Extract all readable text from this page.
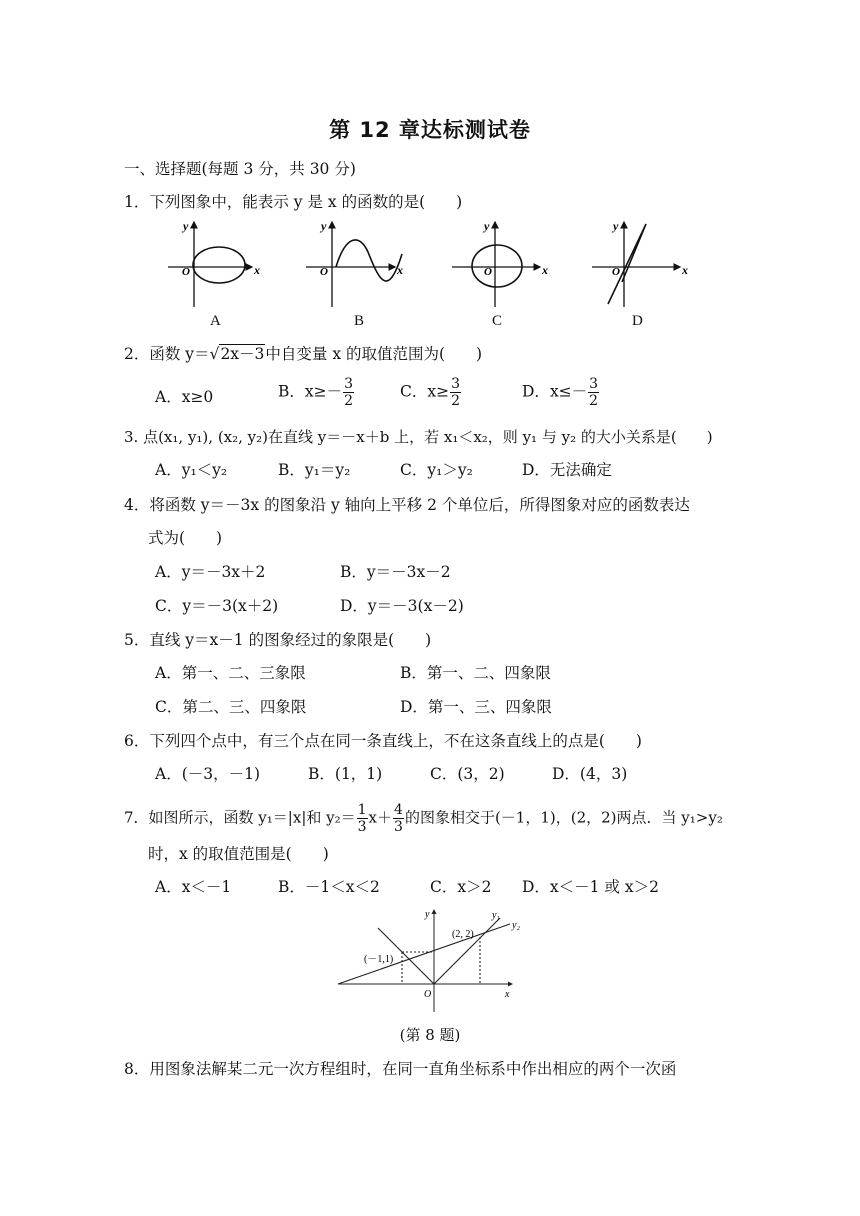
第 12 章达标测试卷
一、选择题(每题 3 分，共 30 分)
1．下列图象中，能表示 y 是 x 的函数的是(　　)
y
x
O
y
x
O
y
x
O
y
x
O
A	B	C	D
2．函数 y＝√2x－3中自变量 x 的取值范围为(　　)
A．x≥0	B．$x\ge- \frac{3}{2}$	C．$x\ge \frac{3}{2}$	D．$x\le- \frac{3}{2}$
3. 点(x₁, y₁), (x₂, y₂)在直线 y＝－x＋b 上，若 x₁＜x₂，则 y₁ 与 y₂ 的大小关系是(　　)
A．y₁＜y₂	B．y₁＝y₂	C．y₁＞y₂	D．无法确定
4．将函数 y＝－3x 的图象沿 y 轴向上平移 2 个单位后，所得图象对应的函数表达
式为(　　)
A．y＝－3x＋2	B．y＝－3x－2
C．y＝－3(x＋2)	D．y＝－3(x－2)
5．直线 y＝x－1 的图象经过的象限是(　　)
A．第一、二、三象限	B．第一、二、四象限
C．第二、三、四象限	D．第一、三、四象限
6．下列四个点中，有三个点在同一条直线上，不在这条直线上的点是(　　)
A．(－3，－1)	B．(1，1)	C．(3，2)	D．(4，3)
7．如图所示，函数 y₁＝|x|和 $y_2= \frac{1}{3} x+ \frac{4}{3}$ 的图象相交于(－1，1)，(2，2)两点．当 y₁>y₂
时，x 的取值范围是(　　)
A．x＜－1	B．－1＜x＜2	C．x＞2 D．x＜－1 或 x＞2
y
x
O
(－1,1)
(2, 2)
y₁
y₂
(第 8 题)
8．用图象法解某二元一次方程组时，在同一直角坐标系中作出相应的两个一次函
